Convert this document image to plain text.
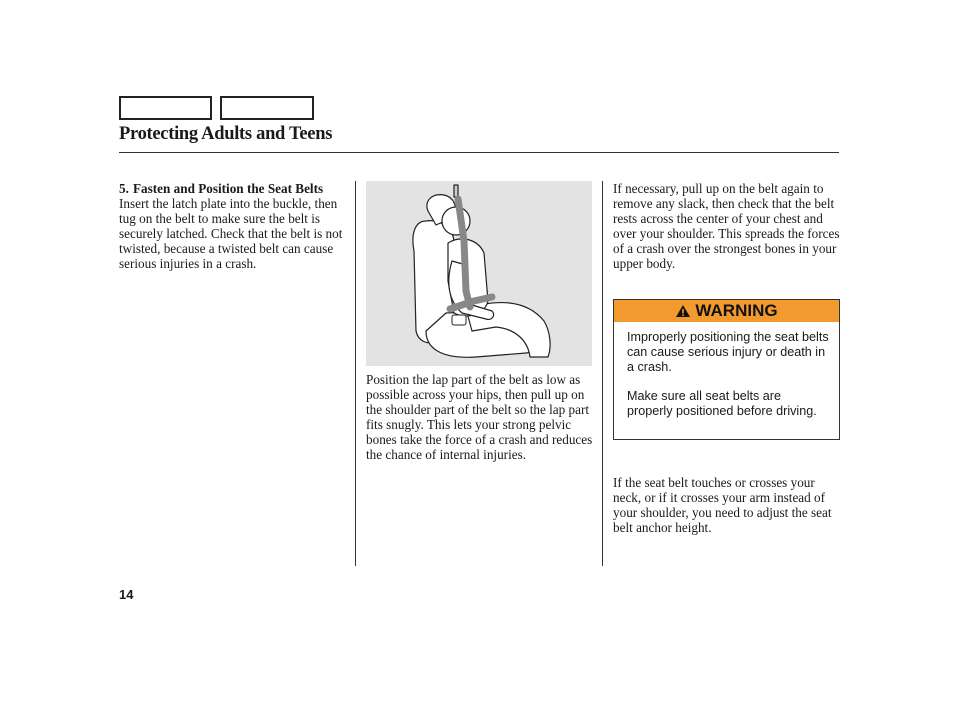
Protecting Adults and Teens
5. Fasten and Position the Seat Belts

Insert the latch plate into the buckle, then tug on the belt to make sure the belt is securely latched. Check that the belt is not twisted, because a twisted belt can cause serious injuries in a crash.

Position the lap part of the belt as low as possible across your hips, then pull up on the shoulder part of the belt so the lap part fits snugly. This lets your strong pelvic bones take the force of a crash and reduces the chance of internal injuries.

If necessary, pull up on the belt again to remove any slack, then check that the belt rests across the center of your chest and over your shoulder. This spreads the forces of a crash over the strongest bones in your upper body.

WARNING

Improperly positioning the seat belts can cause serious injury or death in a crash.

Make sure all seat belts are properly positioned before driving.

If the seat belt touches or crosses your neck, or if it crosses your arm instead of your shoulder, you need to adjust the seat belt anchor height.

14
